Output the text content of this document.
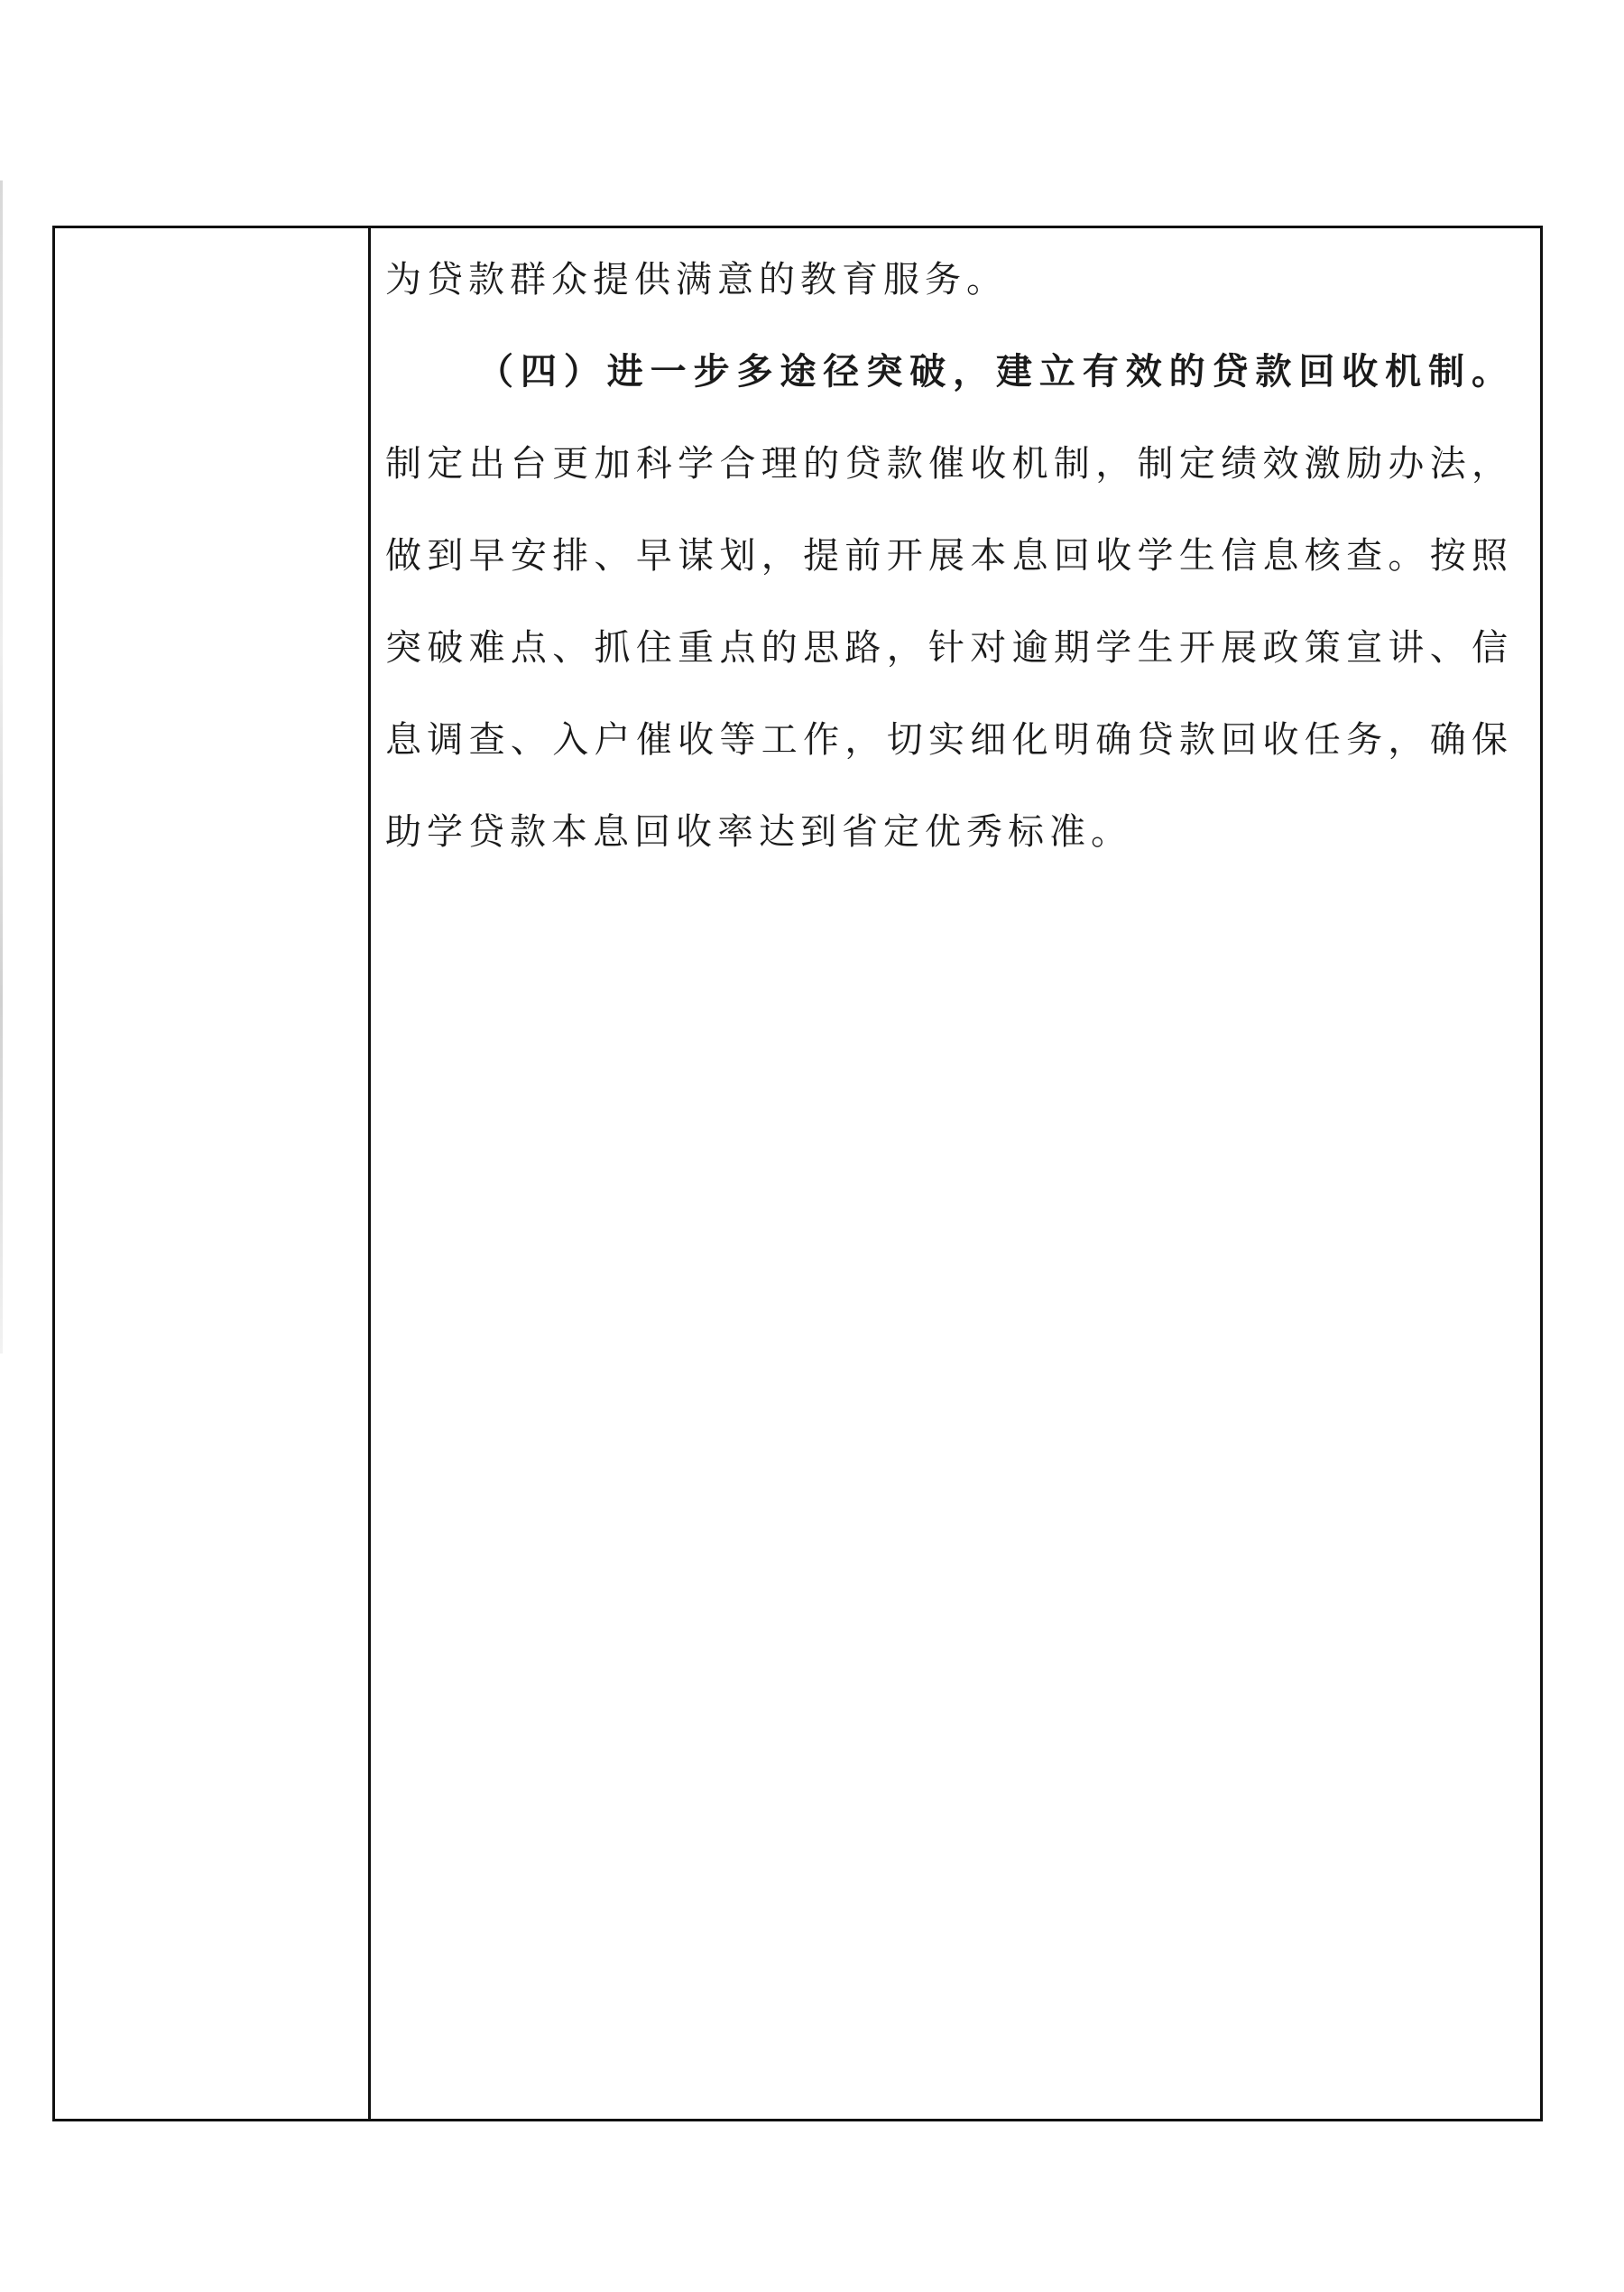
为贷款群众提供满意的教育服务。

（四）进一步多途径突破，建立有效的贷款回收机制。制定出台更加科学合理的贷款催收机制，制定绩效激励办法，做到早安排、早谋划，提前开展本息回收学生信息核查。按照突破难点、抓住重点的思路，针对逾期学生开展政策宣讲、信息调查、入户催收等工作，切实细化明确贷款回收任务，确保助学贷款本息回收率达到省定优秀标准。
